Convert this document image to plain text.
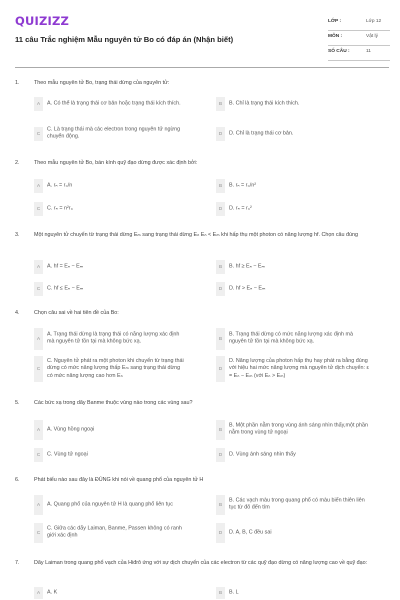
QUIZIZZ
11 câu Trắc nghiệm Mẫu nguyên tử Bo có đáp án (Nhận biết)
LỚP :	Lớp 12
MÔN :	Vật lý
SỐ CÂU :	11
1.	Theo mẫu nguyên tử Bo, trạng thái dừng của nguyên tử:
A	A. Có thể là trạng thái cơ bản hoặc trạng thái kích thích.	B	B. Chỉ là trạng thái kích thích.
C
C. Là trạng thái mà các electron trong nguyên tử ngừng chuyển động.
D	D. Chỉ là trạng thái cơ bản.
2.	Theo mẫu nguyên tử Bo, bán kính quỹ đạo dừng được xác định bởi:
A	A. rₙ = r₀/n	B	B. rₙ = r₀/n²
C	C. rₙ = n²r₀	D	D. rₙ = r₀²
3.	Một nguyên tử chuyển từ trạng thái dừng Eₘ sang trạng thái dừng Eₙ Eₙ < Eₘ khi hấp thụ một photon có năng lượng hf. Chọn câu đúng
A	A. hf = Eₙ − Eₘ	B	B. hf ≥ Eₙ − Eₘ
C	C. hf ≤ Eₙ − Eₘ	D	D. hf > Eₙ − Eₘ
4.	Chọn câu sai về hai tiên đề của Bo:
A
A. Trạng thái dừng là trạng thái có năng lượng xác định mà nguyên tử tồn tại mà không bức xạ.
B
B. Trạng thái dừng có mức năng lượng xác định mà nguyên tử tồn tại mà không bức xạ.
C
C. Nguyên tử phát ra một photon khi chuyển từ trạng thái dừng có mức năng lượng thấp Eₘ sang trạng thái dừng có mức năng lượng cao hơn Eₙ
D
D. Năng lượng của photon hấp thụ hay phát ra bằng đúng với hiệu hai mức năng lượng mà nguyên tử dịch chuyển: ε = Eₙ − Eₘ (với Eₙ > Eₘ)
5.	Các bức xạ trong dãy Banme thuộc vùng nào trong các vùng sau?
A	A. Vùng hồng ngoại	B
B. Một phần nằm trong vùng ánh sáng nhìn thấy,một phần nằm trong vùng tử ngoại
C	C. Vùng tử ngoại	D	D. Vùng ánh sáng nhìn thấy
6.	Phát biểu nào sau đây là ĐÚNG khi nói về quang phổ của nguyên tử H
A	A. Quang phổ của nguyên tử H là quang phổ liên tục	B
B. Các vạch màu trong quang phổ có màu biến thiên liên tục từ đỏ đến tím
C
C. Giữa các dãy Laiman, Banme, Passen không có ranh giới xác định
D	D. A, B, C đều sai
7.	Dãy Laiman trong quang phổ vạch của Hiđrô ứng với sự dịch chuyển của các electron từ các quỹ đạo dừng có năng lượng cao về quỹ đạo:
A	A. K	B	B. L
